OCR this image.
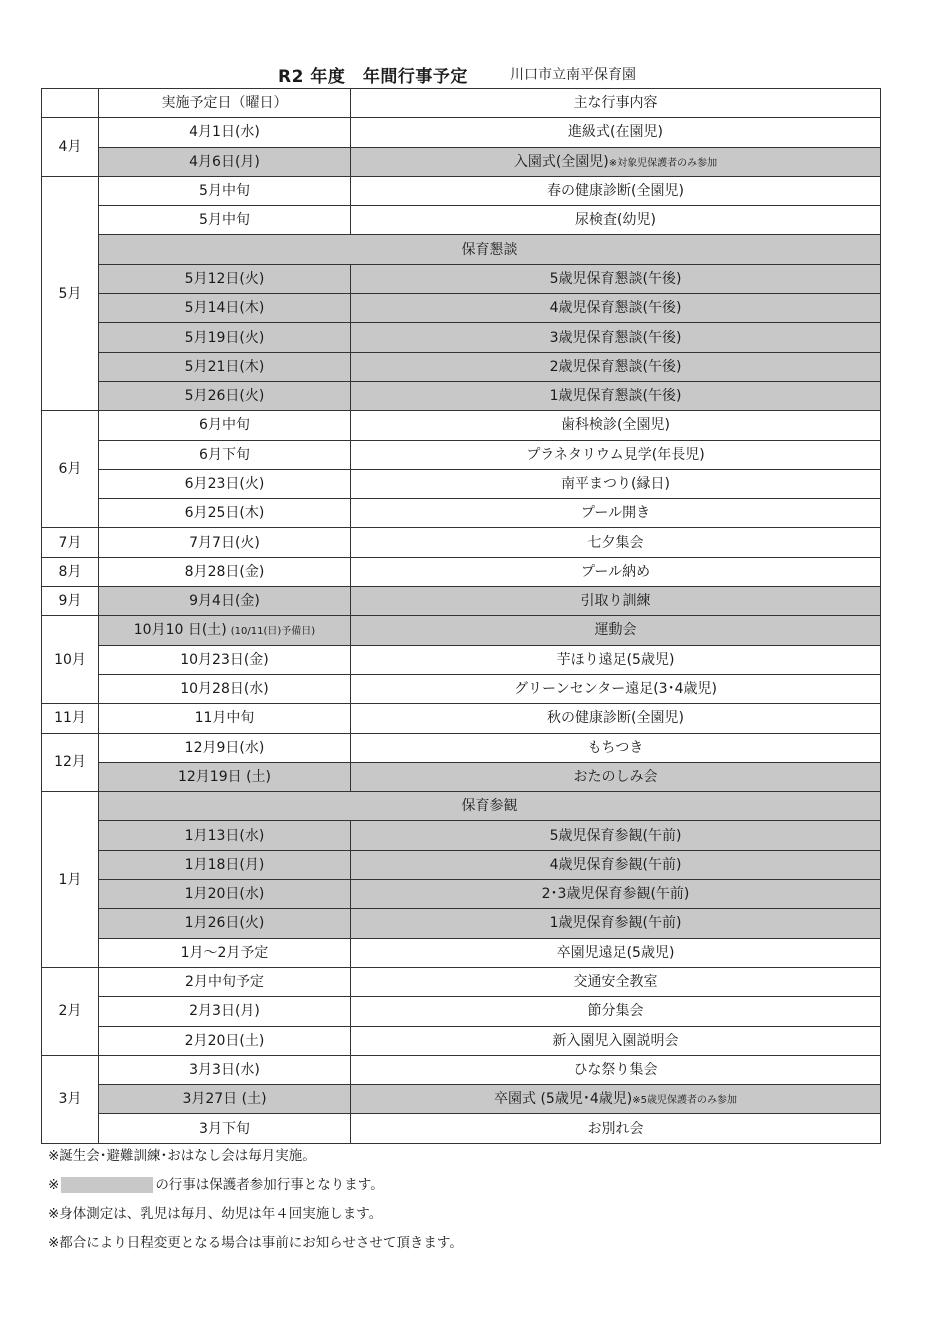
R2 年度　年間行事予定	川口市立南平保育園
	実施予定日（曜日）	主な行事内容
4月	4月1日(水)	進級式(在園児)
	4月6日(月)	入園式(全園児)※対象児保護者のみ参加
5月	5月中旬	春の健康診断(全園児)
	5月中旬	尿検査(幼児)
	保育懇談	
	5月12日(火)	5歳児保育懇談(午後)
	5月14日(木)	4歳児保育懇談(午後)
	5月19日(火)	3歳児保育懇談(午後)
	5月21日(木)	2歳児保育懇談(午後)
	5月26日(火)	1歳児保育懇談(午後)
6月	6月中旬	歯科検診(全園児)
	6月下旬	プラネタリウム見学(年長児)
	6月23日(火)	南平まつり(縁日)
	6月25日(木)	プール開き
7月	7月7日(火)	七夕集会
8月	8月28日(金)	プール納め
9月	9月4日(金)	引取り訓練
10月	10月10 日(土) (10/11(日)予備日)	運動会
	10月23日(金)	芋ほり遠足(5歳児)
	10月28日(水)	グリーンセンター遠足(3･4歳児)
11月	11月中旬	秋の健康診断(全園児)
12月	12月9日(水)	もちつき
	12月19日 (土)	おたのしみ会
1月	保育参観	
	1月13日(水)	5歳児保育参観(午前)
	1月18日(月)	4歳児保育参観(午前)
	1月20日(水)	2･3歳児保育参観(午前)
	1月26日(火)	1歳児保育参観(午前)
	1月～2月予定	卒園児遠足(5歳児)
2月	2月中旬予定	交通安全教室
	2月3日(月)	節分集会
	2月20日(土)	新入園児入園説明会
3月	3月3日(水)	ひな祭り集会
	3月27日 (土)	卒園式 (5歳児･4歳児)※5歳児保護者のみ参加
	3月下旬	お別れ会
※誕生会･避難訓練･おはなし会は毎月実施。
※	の行事は保護者参加行事となります。
※身体測定は、乳児は毎月、幼児は年４回実施します。
※都合により日程変更となる場合は事前にお知らせさせて頂きます。
